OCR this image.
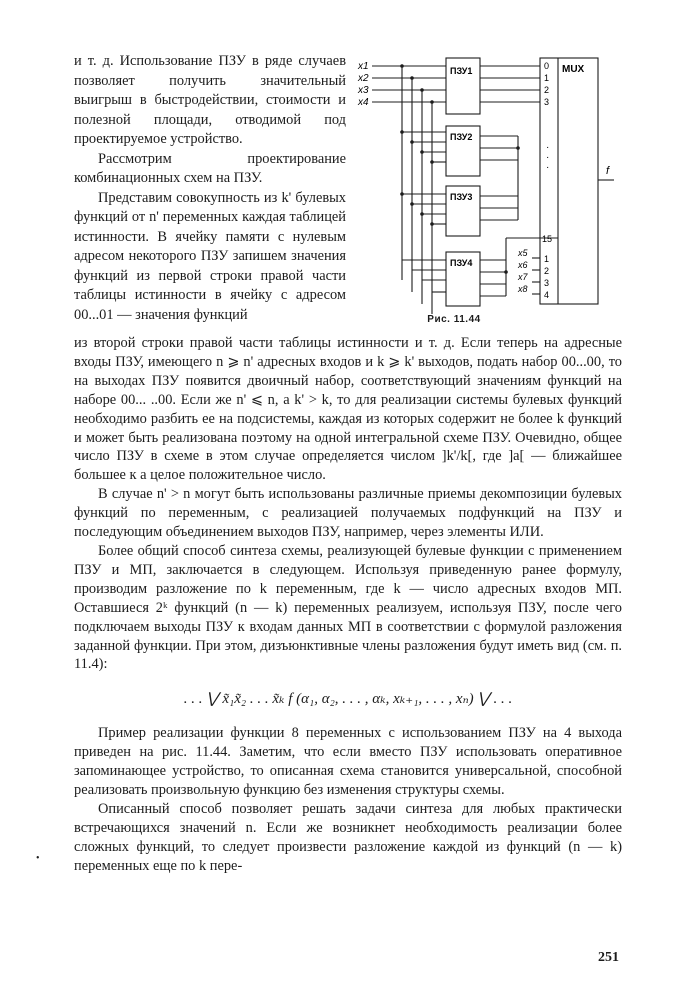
и т. д. Использование ПЗУ в ряде случаев позволяет получить значительный выигрыш в быстродействии, стоимости и полезной площади, отводимой под проектируемое устройство.

Рассмотрим проектирование комбинационных схем на ПЗУ.

Представим совокупность из k' булевых функций от n' переменных каждая таблицей истинности. В ячейку памяти с нулевым адресом некоторого ПЗУ запишем значения функций из первой строки правой части таблицы истинности в ячейку с адресом 00...01 — значения функций

x1
x2
x3
x4
ПЗУ1
ПЗУ2
ПЗУ3
ПЗУ4
MUX
0
1
2
3
15
·
·
·
1
2
3
4
x5
x6
x7
x8
f
Рис. 11.44

из второй строки правой части таблицы истинности и т. д. Если теперь на адресные входы ПЗУ, имеющего n ⩾ n' адресных входов и k ⩾ k' выходов, подать набор 00...00, то на выходах ПЗУ появится двоичный набор, соответствующий значениям функций на наборе 00... ..00. Если же n' ⩽ n, a k' > k, то для реализации системы булевых функций необходимо разбить ее на подсистемы, каждая из которых содержит не более k функций и может быть реализована поэтому на одной интегральной схеме ПЗУ. Очевидно, общее число ПЗУ в схеме в этом случае определяется числом ]k'/k[, где ]a[ — ближайшее большее к a целое положительное число.

В случае n' > n могут быть использованы различные приемы декомпозиции булевых функций по переменным, с реализацией получаемых подфункций на ПЗУ и последующим объединением выходов ПЗУ, например, через элементы ИЛИ.

Более общий способ синтеза схемы, реализующей булевые функции с применением ПЗУ и МП, заключается в следующем. Используя приведенную ранее формулу, производим разложение по k переменным, где k — число адресных входов МП. Оставшиеся 2ᵏ функций (n — k) переменных реализуем, используя ПЗУ, после чего подключаем выходы ПЗУ к входам данных МП в соответствии с формулой разложения заданной функции. При этом, дизъюнктивные члены разложения будут иметь вид (см. п. 11.4):

. . . ⋁ x̃₁x̃₂ . . . x̃ₖ f (α₁, α₂, . . . , αₖ, xₖ₊₁, . . . , xₙ) ⋁ . . .

Пример реализации функции 8 переменных с использованием ПЗУ на 4 выхода приведен на рис. 11.44. Заметим, что если вместо ПЗУ использовать оперативное запоминающее устройство, то описанная схема становится универсальной, способной реализовать произвольную функцию без изменения структуры схемы.

Описанный способ позволяет решать задачи синтеза для любых практически встречающихся значений n. Если же возникнет необходимость реализации более сложных функций, то следует произвести разложение каждой из функций (n — k) переменных еще по k пере-

•
251
